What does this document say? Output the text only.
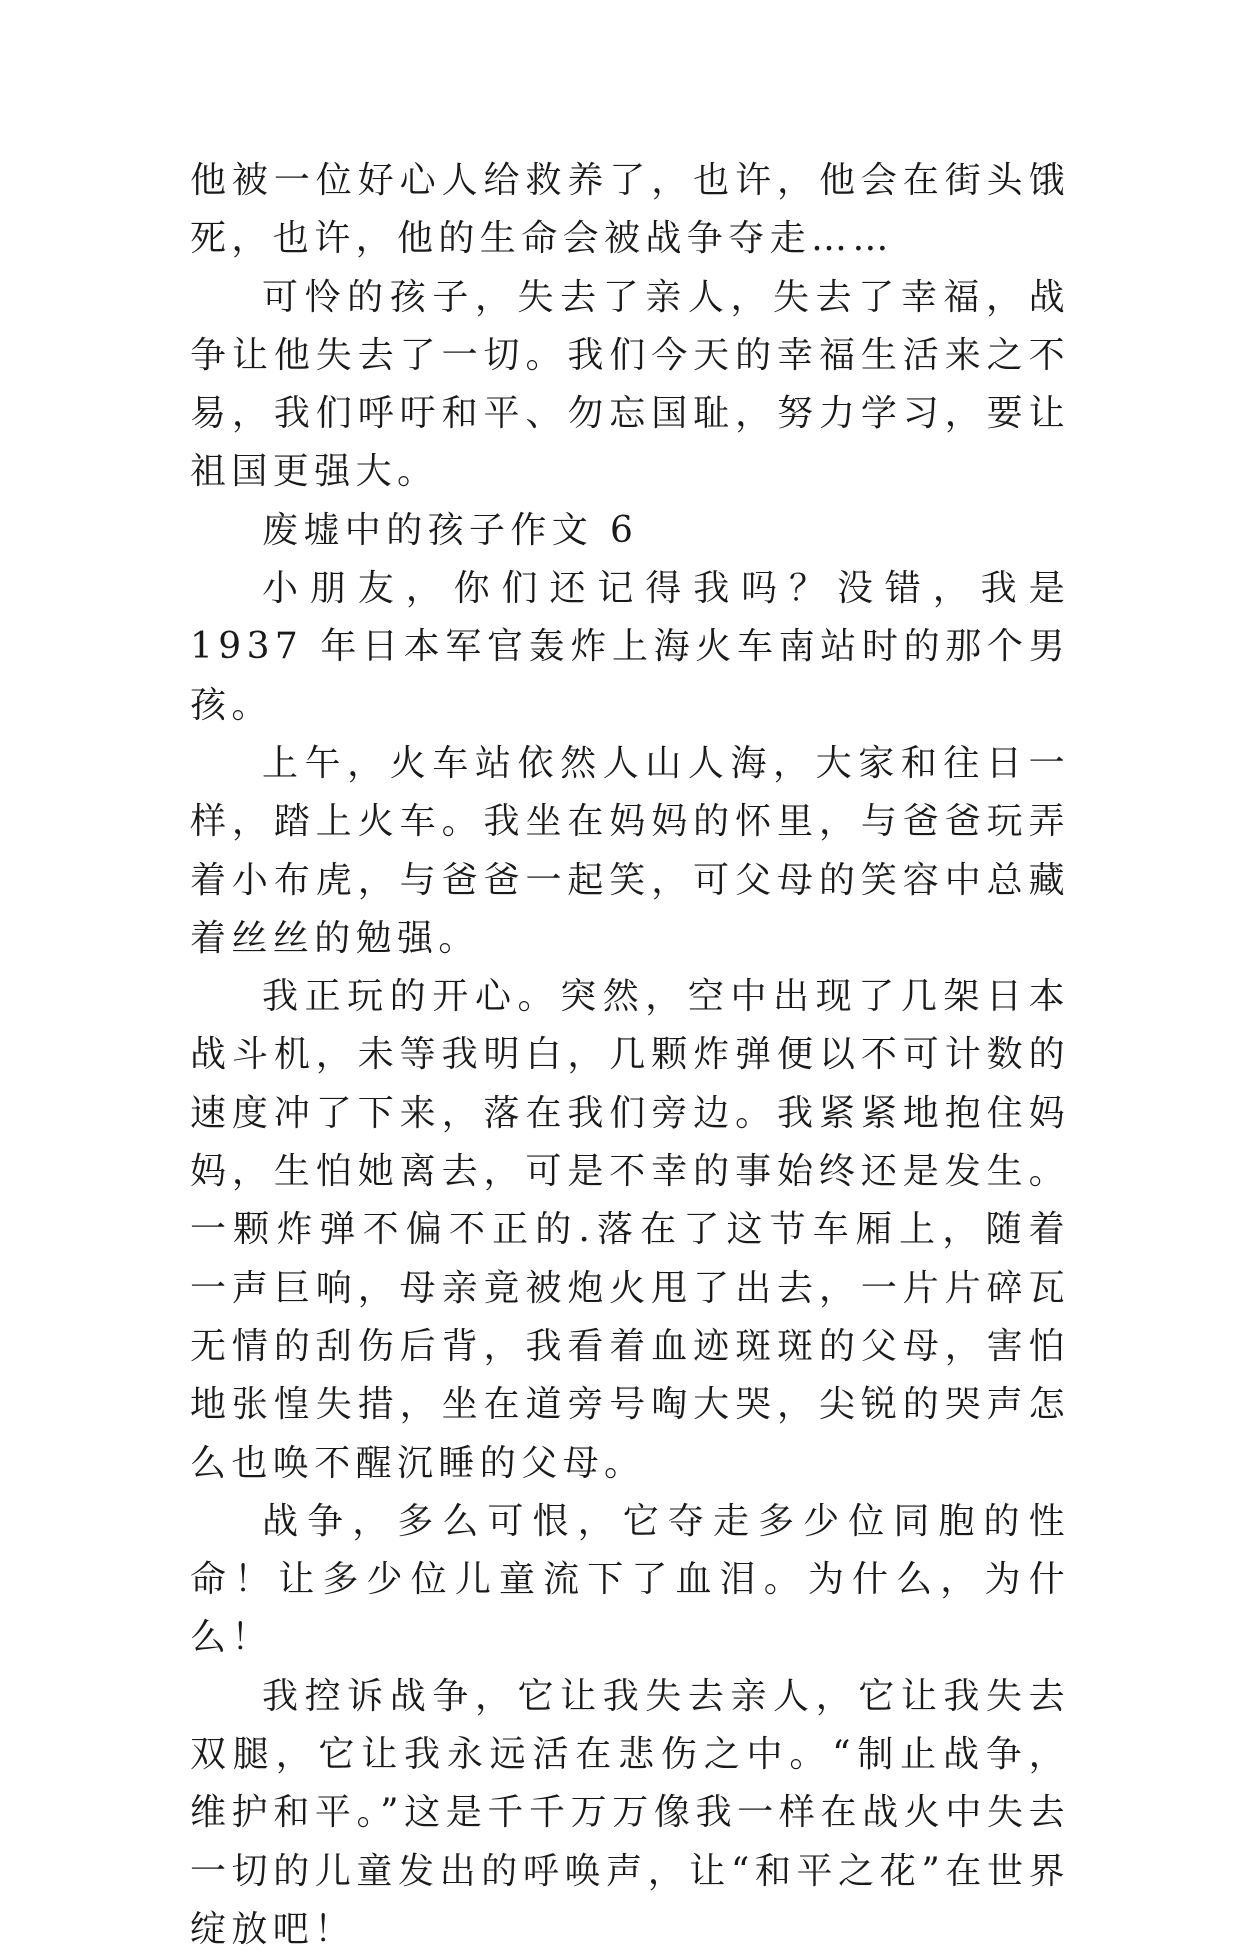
他被一位好心人给救养了，也许，他会在街头饿死，也许，他的生命会被战争夺走……

可怜的孩子，失去了亲人，失去了幸福，战争让他失去了一切。我们今天的幸福生活来之不易，我们呼吁和平、勿忘国耻，努力学习，要让祖国更强大。

废墟中的孩子作文 6

小朋友，你们还记得我吗？没错，我是 1937 年日本军官轰炸上海火车南站时的那个男孩。

上午，火车站依然人山人海，大家和往日一样，踏上火车。我坐在妈妈的怀里，与爸爸玩弄着小布虎，与爸爸一起笑，可父母的笑容中总藏着丝丝的勉强。

我正玩的开心。突然，空中出现了几架日本战斗机，未等我明白，几颗炸弹便以不可计数的速度冲了下来，落在我们旁边。我紧紧地抱住妈妈，生怕她离去，可是不幸的事始终还是发生。一颗炸弹不偏不正的.落在了这节车厢上，随着一声巨响，母亲竟被炮火甩了出去，一片片碎瓦无情的刮伤后背，我看着血迹斑斑的父母，害怕地张惶失措，坐在道旁号啕大哭，尖锐的哭声怎么也唤不醒沉睡的父母。

战争，多么可恨，它夺走多少位同胞的性命！让多少位儿童流下了血泪。为什么，为什么！

我控诉战争，它让我失去亲人，它让我失去双腿，它让我永远活在悲伤之中。“制止战争，维护和平。”这是千千万万像我一样在战火中失去一切的儿童发出的呼唤声，让“和平之花”在世界绽放吧！
